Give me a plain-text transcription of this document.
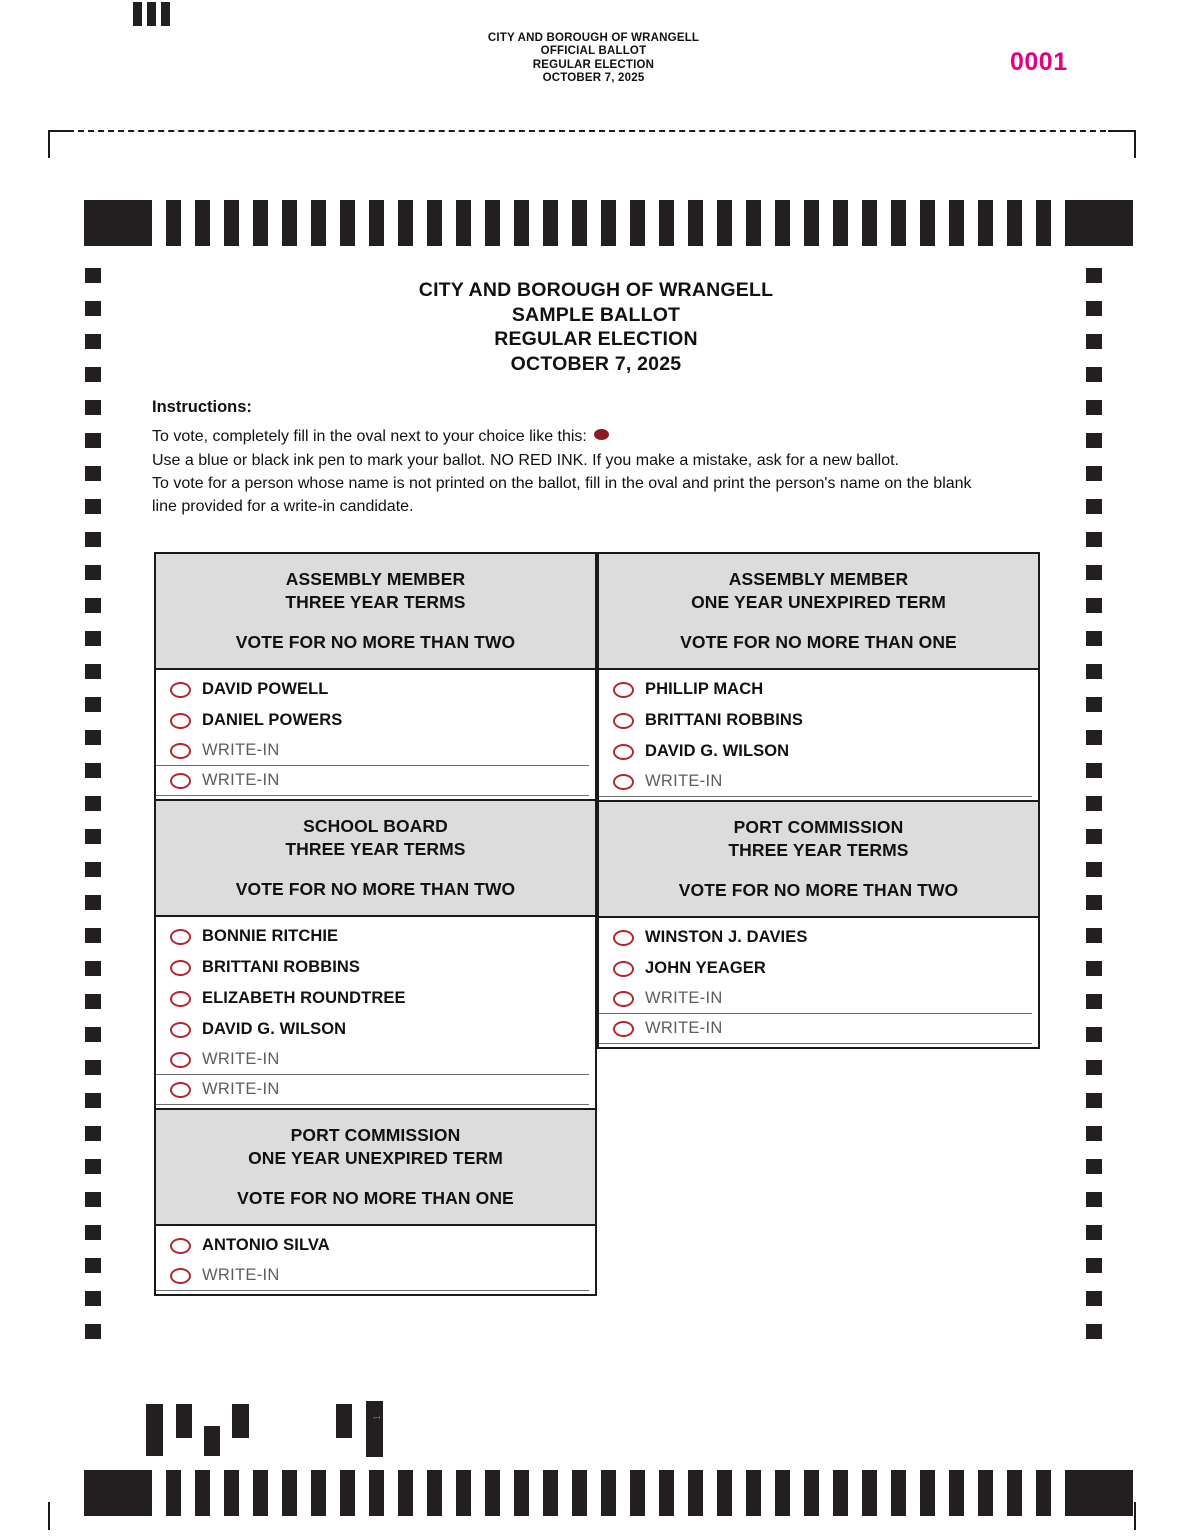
CITY AND BOROUGH OF WRANGELL
OFFICIAL BALLOT
REGULAR ELECTION
OCTOBER 7, 2025
0001
CITY AND BOROUGH OF WRANGELL
SAMPLE BALLOT
REGULAR ELECTION
OCTOBER 7, 2025
Instructions:

To vote, completely fill in the oval next to your choice like this:

Use a blue or black ink pen to mark your ballot. NO RED INK. If you make a mistake, ask for a new ballot.

To vote for a person whose name is not printed on the ballot, fill in the oval and print the person's name on the blank line provided for a write-in candidate.

ASSEMBLY MEMBER
THREE YEAR TERMS
VOTE FOR NO MORE THAN TWO
DAVID POWELL
DANIEL POWERS
WRITE-IN
WRITE-IN
SCHOOL BOARD
THREE YEAR TERMS
VOTE FOR NO MORE THAN TWO
BONNIE RITCHIE
BRITTANI ROBBINS
ELIZABETH ROUNDTREE
DAVID G. WILSON
WRITE-IN
WRITE-IN
PORT COMMISSION
ONE YEAR UNEXPIRED TERM
VOTE FOR NO MORE THAN ONE
ANTONIO SILVA
WRITE-IN
ASSEMBLY MEMBER
ONE YEAR UNEXPIRED TERM
VOTE FOR NO MORE THAN ONE
PHILLIP MACH
BRITTANI ROBBINS
DAVID G. WILSON
WRITE-IN
PORT COMMISSION
THREE YEAR TERMS
VOTE FOR NO MORE THAN TWO
WINSTON J. DAVIES
JOHN YEAGER
WRITE-IN
WRITE-IN
1
